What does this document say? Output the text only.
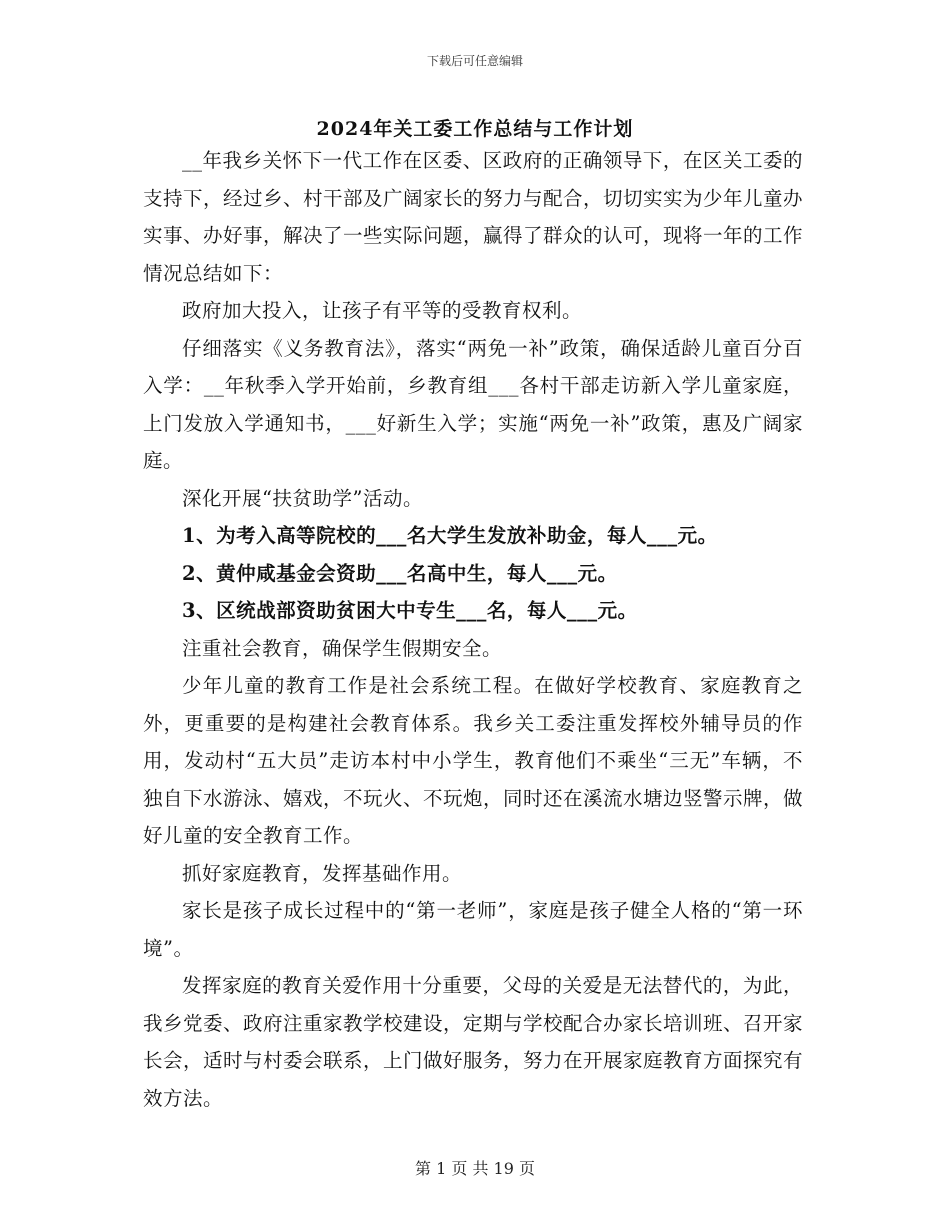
下载后可任意编辑
2024年关工委工作总结与工作计划

__年我乡关怀下一代工作在区委、区政府的正确领导下，在区关工委的支持下，经过乡、村干部及广阔家长的努力与配合，切切实实为少年儿童办实事、办好事，解决了一些实际问题，赢得了群众的认可，现将一年的工作情况总结如下：

政府加大投入，让孩子有平等的受教育权利。

仔细落实《义务教育法》，落实“两免一补”政策，确保适龄儿童百分百入学：__年秋季入学开始前，乡教育组___各村干部走访新入学儿童家庭，上门发放入学通知书，___好新生入学；实施“两免一补”政策，惠及广阔家庭。

深化开展“扶贫助学”活动。

1、为考入高等院校的___名大学生发放补助金，每人___元。

2、黄仲咸基金会资助___名高中生，每人___元。

3、区统战部资助贫困大中专生___名，每人___元。

注重社会教育，确保学生假期安全。

少年儿童的教育工作是社会系统工程。在做好学校教育、家庭教育之外，更重要的是构建社会教育体系。我乡关工委注重发挥校外辅导员的作用，发动村“五大员”走访本村中小学生，教育他们不乘坐“三无”车辆，不独自下水游泳、嬉戏，不玩火、不玩炮，同时还在溪流水塘边竖警示牌，做好儿童的安全教育工作。

抓好家庭教育，发挥基础作用。

家长是孩子成长过程中的“第一老师”，家庭是孩子健全人格的“第一环境”。

发挥家庭的教育关爱作用十分重要，父母的关爱是无法替代的，为此，我乡党委、政府注重家教学校建设，定期与学校配合办家长培训班、召开家长会，适时与村委会联系，上门做好服务，努力在开展家庭教育方面探究有效方法。

第 1 页 共 19 页
